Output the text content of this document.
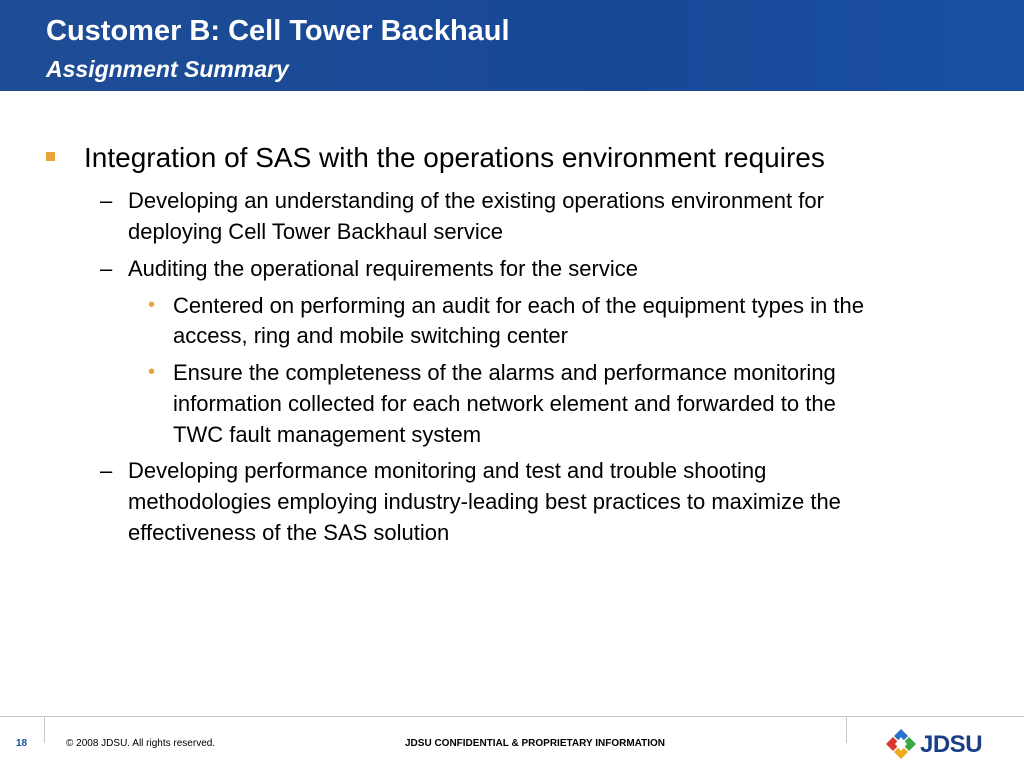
Customer B: Cell Tower Backhaul
Assignment Summary
Integration of SAS with the operations environment requires
– Developing an understanding of the existing operations environment for
deploying Cell Tower Backhaul service
– Auditing the operational requirements for the service
• Centered on performing an audit for each of the equipment types in the
access, ring and mobile switching center
• Ensure the completeness of the alarms and performance monitoring
information collected for each network element and forwarded to the
TWC fault management system
– Developing performance monitoring and test and trouble shooting
methodologies employing industry-leading best practices to maximize the
effectiveness of the SAS solution
18	© 2008 JDSU. All rights reserved.	JDSU CONFIDENTIAL & PROPRIETARY INFORMATION	JDSU
